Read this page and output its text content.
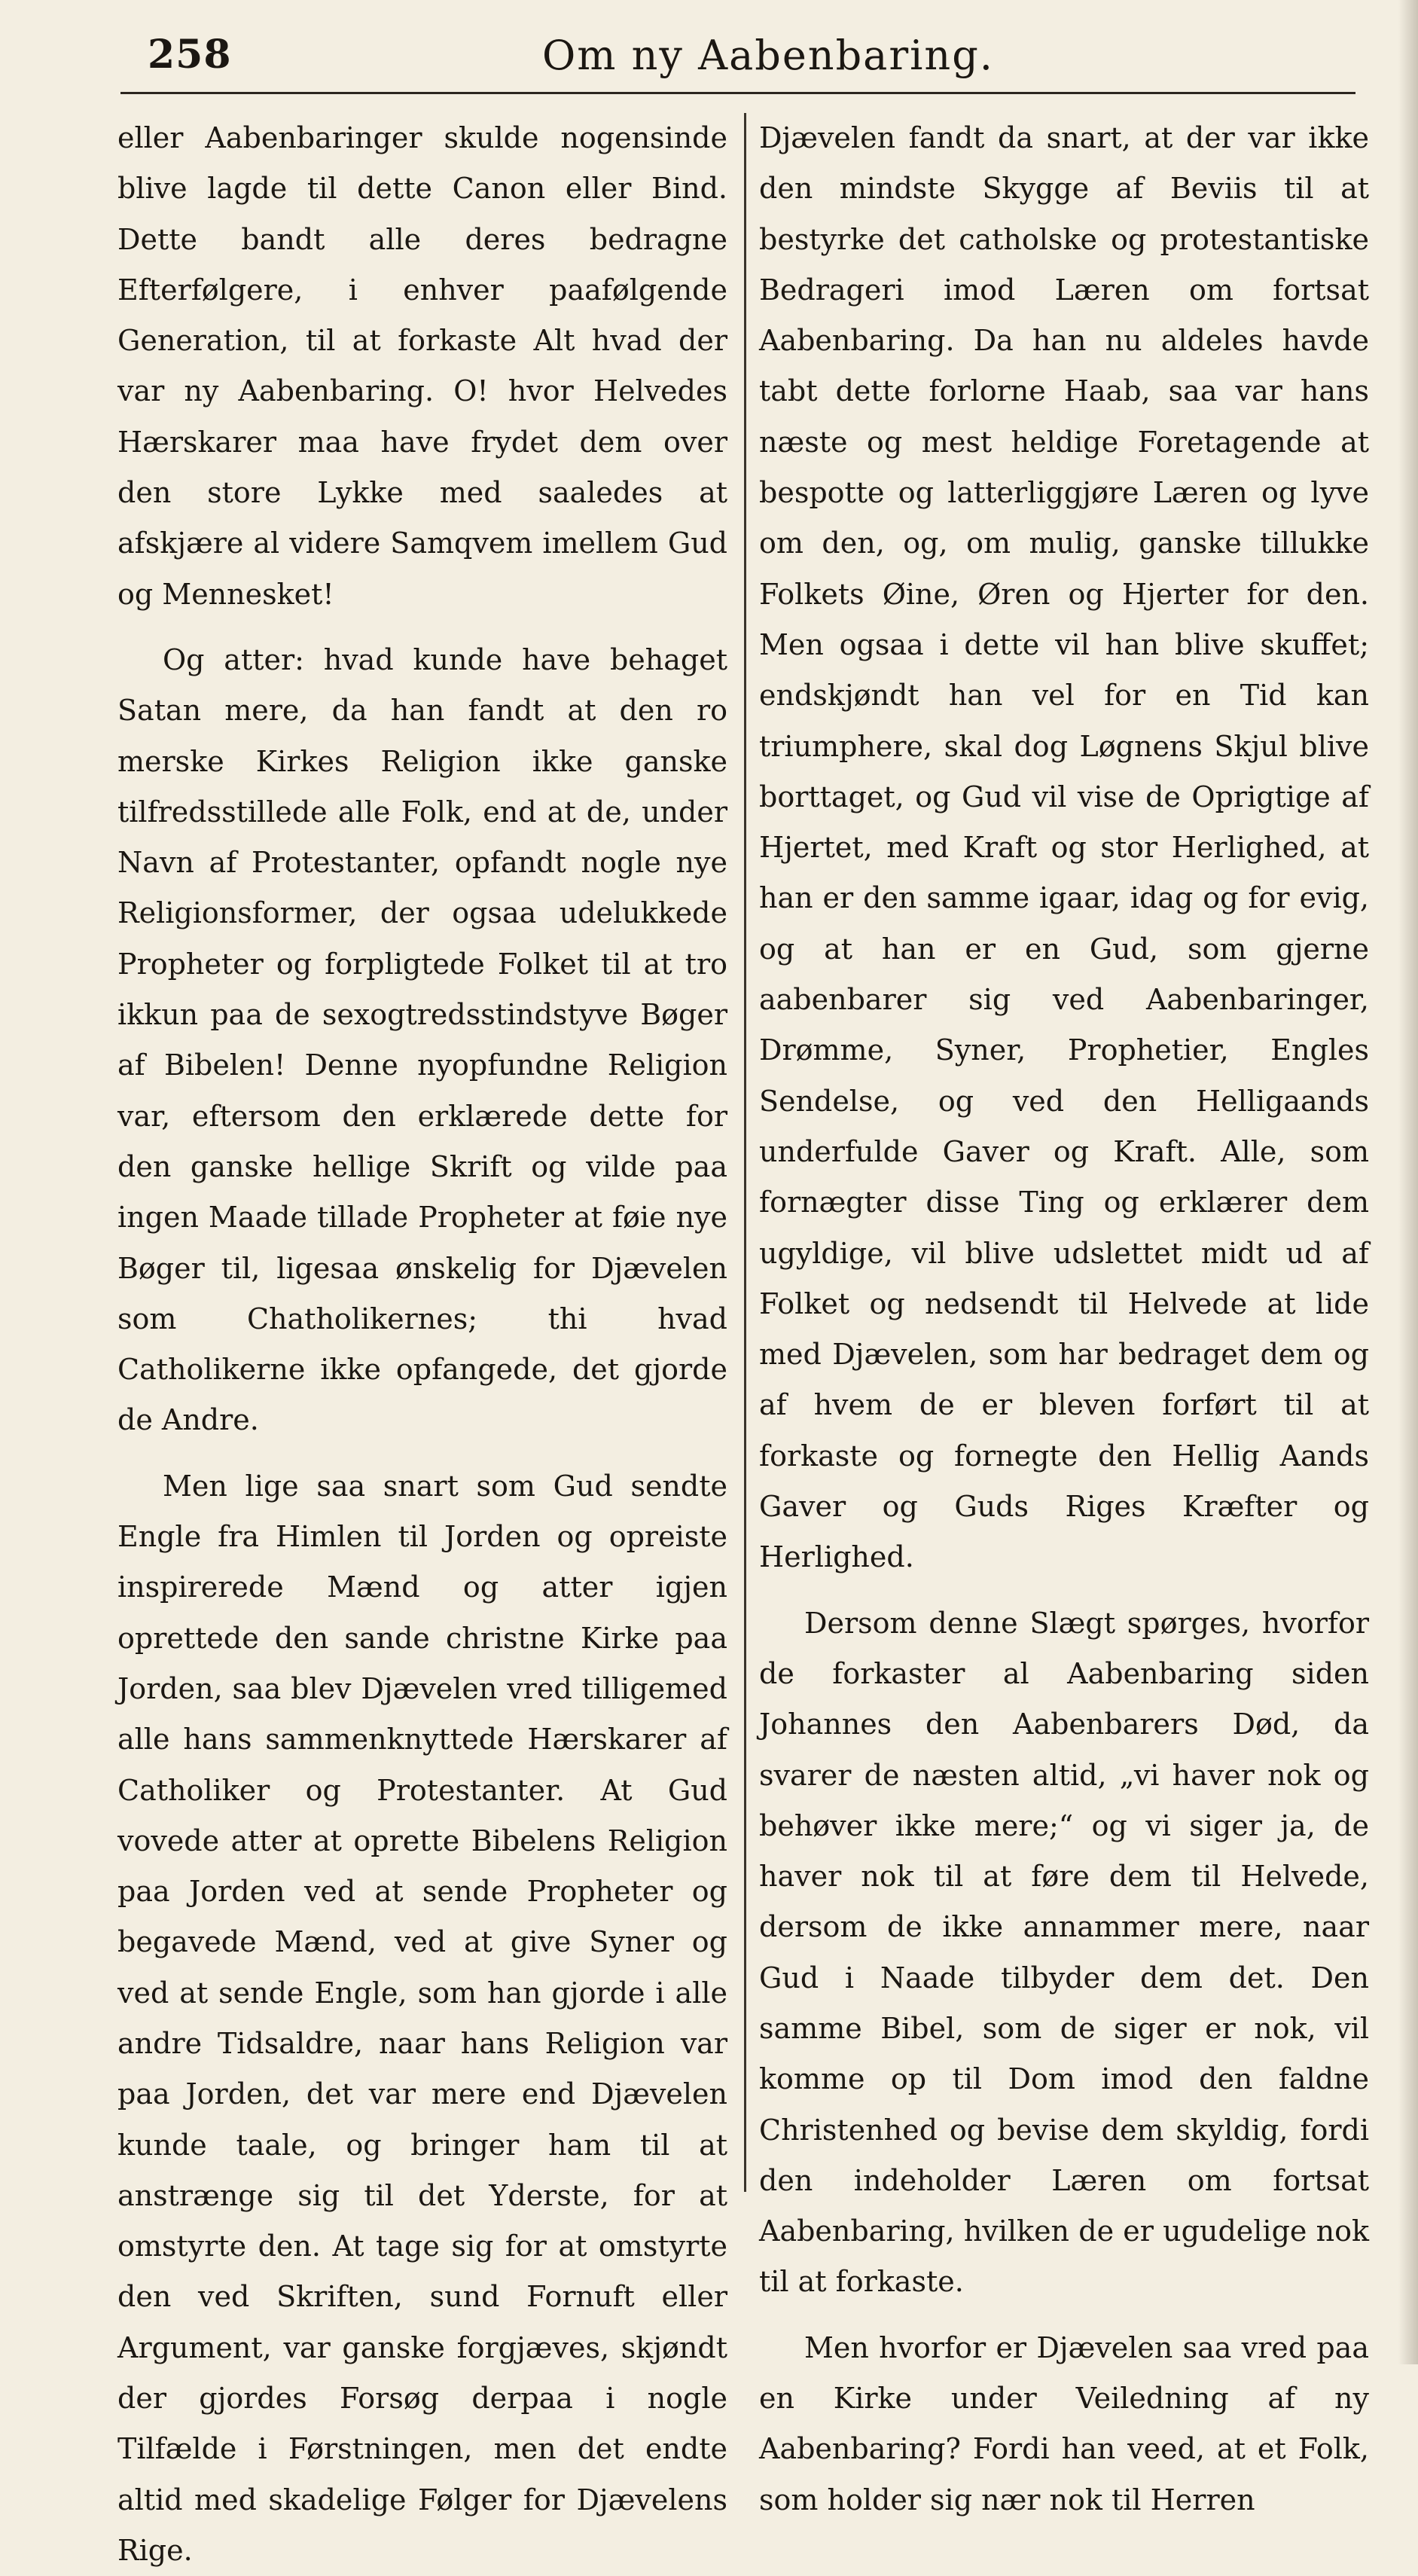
258	Om ny Aabenbaring.

eller Aabenbaringer skulde nogensinde blive lagde til dette Canon eller Bind. Dette bandt alle deres bedragne Efterfølgere, i enhver paafølgende Generation, til at forkaste Alt hvad der var ny Aabenbaring. O! hvor Helvedes Hærskarer maa have frydet dem over den store Lykke med saaledes at afskjære al videre Samqvem imellem Gud og Mennesket!

Og atter: hvad kunde have behaget Satan mere, da han fandt at den ro merske Kirkes Religion ikke ganske tilfredsstillede alle Folk, end at de, under Navn af Protestanter, opfandt nogle nye Religionsformer, der ogsaa udelukkede Propheter og forpligtede Folket til at tro ikkun paa de sexogtredsstindstyve Bøger af Bibelen! Denne nyopfundne Religion var, eftersom den erklærede dette for den ganske hellige Skrift og vilde paa ingen Maade tillade Propheter at føie nye Bøger til, ligesaa ønskelig for Djævelen som Chatholikernes; thi hvad Catholikerne ikke opfangede, det gjorde de Andre.

Men lige saa snart som Gud sendte Engle fra Himlen til Jorden og opreiste inspirerede Mænd og atter igjen oprettede den sande christne Kirke paa Jorden, saa blev Djævelen vred tilligemed alle hans sammenknyttede Hærskarer af Catholiker og Protestanter. At Gud vovede atter at oprette Bibelens Religion paa Jorden ved at sende Propheter og begavede Mænd, ved at give Syner og ved at sende Engle, som han gjorde i alle andre Tidsaldre, naar hans Religion var paa Jorden, det var mere end Djævelen kunde taale, og bringer ham til at anstrænge sig til det Yderste, for at omstyrte den. At tage sig for at omstyrte den ved Skriften, sund Fornuft eller Argument, var ganske forgjæves, skjøndt der gjordes Forsøg derpaa i nogle Tilfælde i Førstningen, men det endte altid med skadelige Følger for Djævelens Rige.

Djævelen fandt da snart, at der var ikke den mindste Skygge af Beviis til at bestyrke det catholske og protestantiske Bedrageri imod Læren om fortsat Aabenbaring. Da han nu aldeles havde tabt dette forlorne Haab, saa var hans næste og mest heldige Foretagende at bespotte og latterliggjøre Læren og lyve om den, og, om mulig, ganske tillukke Folkets Øine, Øren og Hjerter for den. Men ogsaa i dette vil han blive skuffet; endskjøndt han vel for en Tid kan triumphere, skal dog Løgnens Skjul blive borttaget, og Gud vil vise de Oprigtige af Hjertet, med Kraft og stor Herlighed, at han er den samme igaar, idag og for evig, og at han er en Gud, som gjerne aabenbarer sig ved Aabenbaringer, Drømme, Syner, Prophetier, Engles Sendelse, og ved den Helligaands underfulde Gaver og Kraft. Alle, som fornægter disse Ting og erklærer dem ugyldige, vil blive udslettet midt ud af Folket og nedsendt til Helvede at lide med Djævelen, som har bedraget dem og af hvem de er bleven forført til at forkaste og fornegte den Hellig Aands Gaver og Guds Riges Kræfter og Herlighed.

Dersom denne Slægt spørges, hvorfor de forkaster al Aabenbaring siden Johannes den Aabenbarers Død, da svarer de næsten altid, „vi haver nok og behøver ikke mere;“ og vi siger ja, de haver nok til at føre dem til Helvede, dersom de ikke annammer mere, naar Gud i Naade tilbyder dem det. Den samme Bibel, som de siger er nok, vil komme op til Dom imod den faldne Christenhed og bevise dem skyldig, fordi den indeholder Læren om fortsat Aabenbaring, hvilken de er ugudelige nok til at forkaste.

Men hvorfor er Djævelen saa vred paa en Kirke under Veiledning af ny Aabenbaring? Fordi han veed, at et Folk, som holder sig nær nok til Herren
